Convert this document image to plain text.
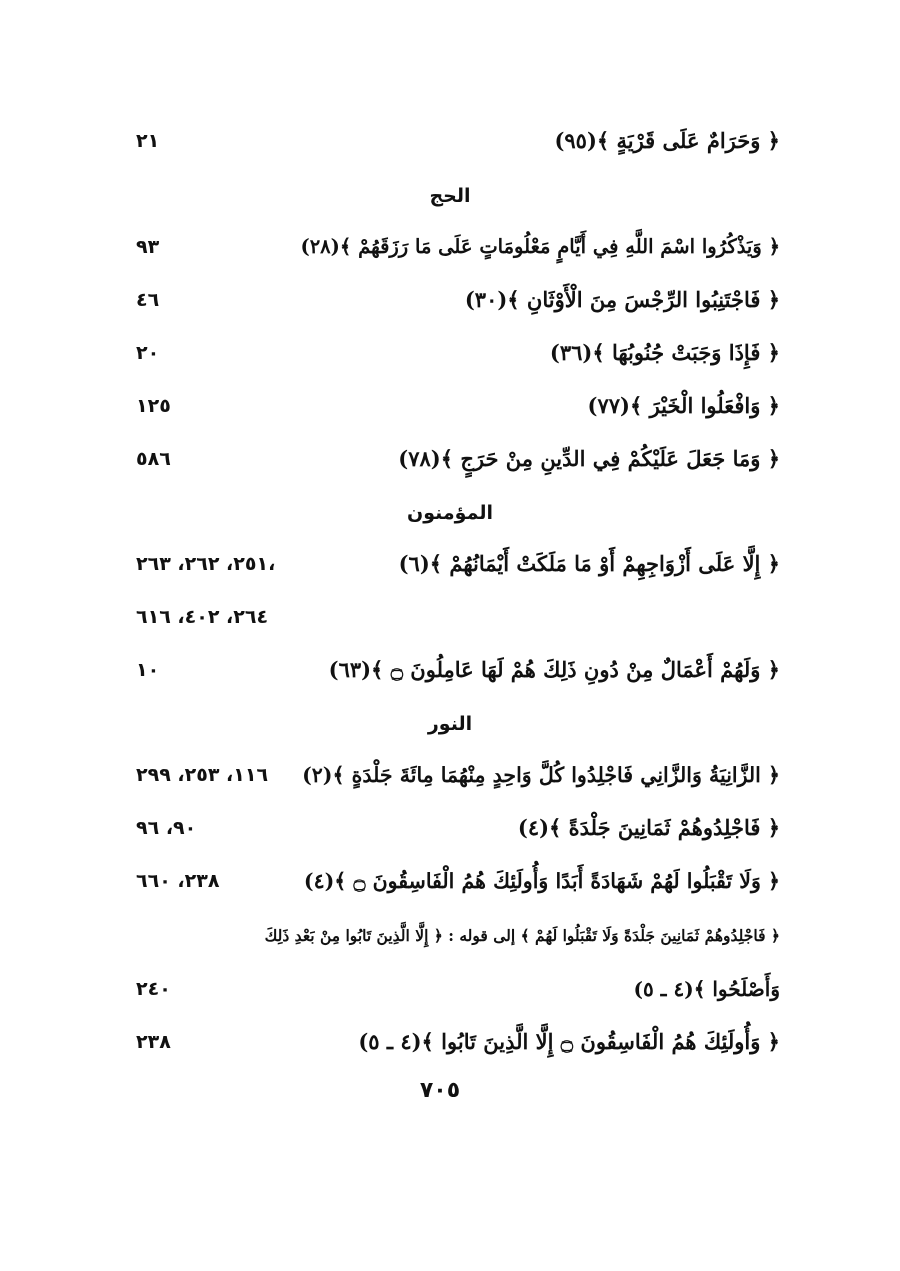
﴿ وَحَرَامٌ عَلَى قَرْيَةٍ ﴾(٩٥)
٢١
الحج
﴿ وَيَذْكُرُوا اسْمَ اللَّهِ فِي أَيَّامٍ مَعْلُومَاتٍ عَلَى مَا رَزَقَهُمْ ﴾(٢٨)
٩٣
﴿ فَاجْتَنِبُوا الرِّجْسَ مِنَ الْأَوْثَانِ ﴾(٣٠)
٤٦
﴿ فَإِذَا وَجَبَتْ جُنُوبُهَا ﴾(٣٦)
٢٠
﴿ وَافْعَلُوا الْخَيْرَ ﴾(٧٧)
١٢٥
﴿ وَمَا جَعَلَ عَلَيْكُمْ فِي الدِّينِ مِنْ حَرَجٍ ﴾(٧٨)
٥٨٦
المؤمنون
﴿ إِلَّا عَلَى أَزْوَاجِهِمْ أَوْ مَا مَلَكَتْ أَيْمَانُهُمْ ﴾(٦)
٢٥١، ٢٦٢، ٢٦٣،
٢٦٤، ٤٠٢، ٦١٦
﴿ وَلَهُمْ أَعْمَالٌ مِنْ دُونِ ذَلِكَ هُمْ لَهَا عَامِلُونَ ۝ ﴾(٦٣)
١٠
النور
﴿ الزَّانِيَةُ وَالزَّانِي فَاجْلِدُوا كُلَّ وَاحِدٍ مِنْهُمَا مِائَةَ جَلْدَةٍ ﴾(٢)
١١٦، ٢٥٣، ٢٩٩
﴿ فَاجْلِدُوهُمْ ثَمَانِينَ جَلْدَةً ﴾(٤)
٩٠، ٩٦
﴿ وَلَا تَقْبَلُوا لَهُمْ شَهَادَةً أَبَدًا وَأُولَئِكَ هُمُ الْفَاسِقُونَ ۝ ﴾(٤)
٢٣٨، ٦٦٠
﴿ فَاجْلِدُوهُمْ ثَمَانِينَ جَلْدَةً وَلَا تَقْبَلُوا لَهُمْ ﴾ إلى قوله : ﴿ إِلَّا الَّذِينَ تَابُوا مِنْ بَعْدِ ذَلِكَ
وَأَصْلَحُوا ﴾(٤ ـ ٥)
٢٤٠
﴿ وَأُولَئِكَ هُمُ الْفَاسِقُونَ ۝ إِلَّا الَّذِينَ تَابُوا ﴾(٤ ـ ٥)
٢٣٨
٧٠٥
